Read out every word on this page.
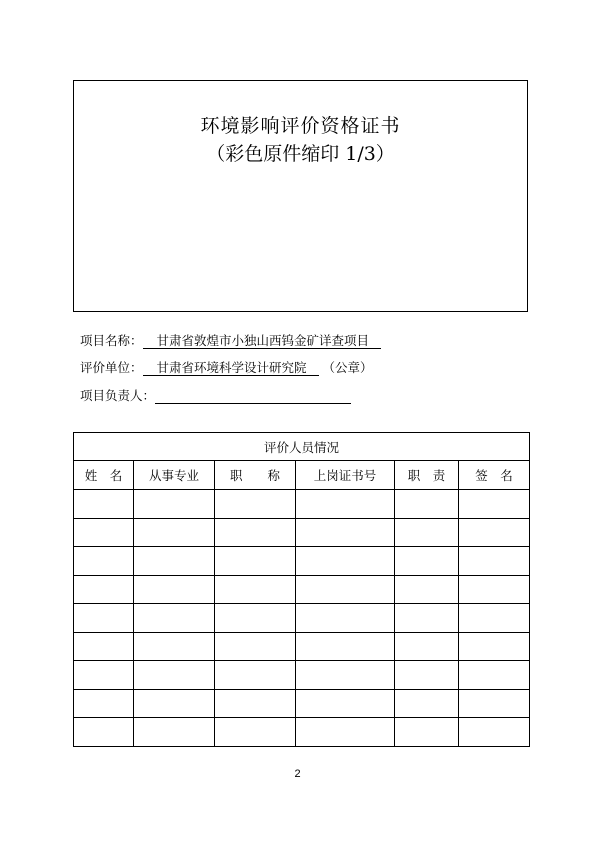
环境影响评价资格证书
（彩色原件缩印 1/3）
项目名称： 甘肃省敦煌市小独山西钨金矿详查项目
评价单位： 甘肃省环境科学设计研究院 （公章）
项目负责人：
评价人员情况					
姓　名	从事专业	职　　称	上岗证书号	职　责	签　名

2
